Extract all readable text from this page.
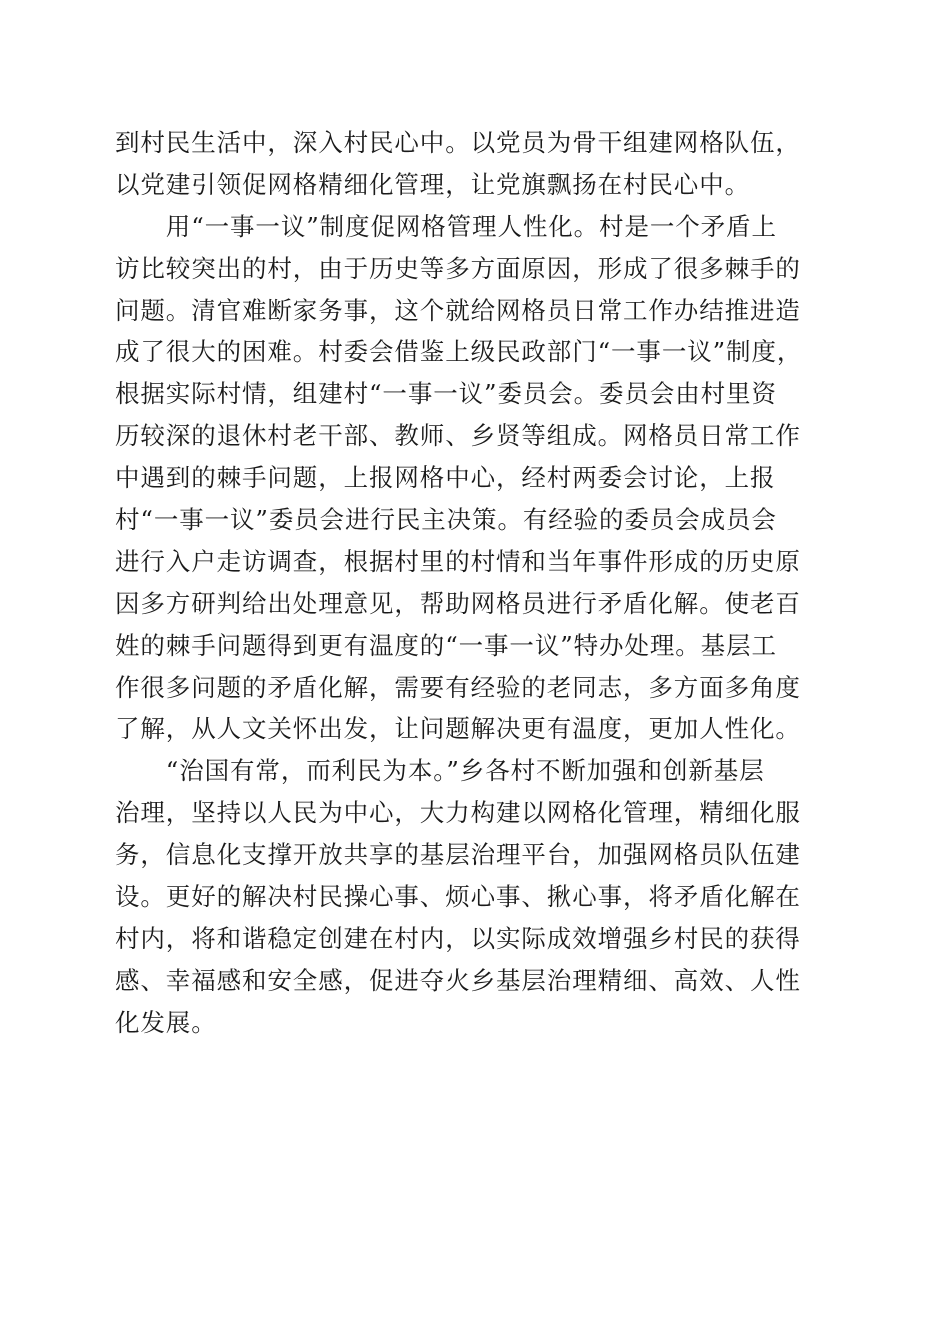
到村民生活中，深入村民心中。以党员为骨干组建网格队伍，
以党建引领促网格精细化管理，让党旗飘扬在村民心中。
　　用“一事一议”制度促网格管理人性化。村是一个矛盾上
访比较突出的村，由于历史等多方面原因，形成了很多棘手的
问题。清官难断家务事，这个就给网格员日常工作办结推进造
成了很大的困难。村委会借鉴上级民政部门“一事一议”制度，
根据实际村情，组建村“一事一议”委员会。委员会由村里资
历较深的退休村老干部、教师、乡贤等组成。网格员日常工作
中遇到的棘手问题，上报网格中心，经村两委会讨论，上报
村“一事一议”委员会进行民主决策。有经验的委员会成员会
进行入户走访调查，根据村里的村情和当年事件形成的历史原
因多方研判给出处理意见，帮助网格员进行矛盾化解。使老百
姓的棘手问题得到更有温度的“一事一议”特办处理。基层工
作很多问题的矛盾化解，需要有经验的老同志，多方面多角度
了解，从人文关怀出发，让问题解决更有温度，更加人性化。
　　“治国有常，而利民为本。”乡各村不断加强和创新基层
治理，坚持以人民为中心，大力构建以网格化管理，精细化服
务，信息化支撑开放共享的基层治理平台，加强网格员队伍建
设。更好的解决村民操心事、烦心事、揪心事，将矛盾化解在
村内，将和谐稳定创建在村内，以实际成效增强乡村民的获得
感、幸福感和安全感，促进夺火乡基层治理精细、高效、人性
化发展。
